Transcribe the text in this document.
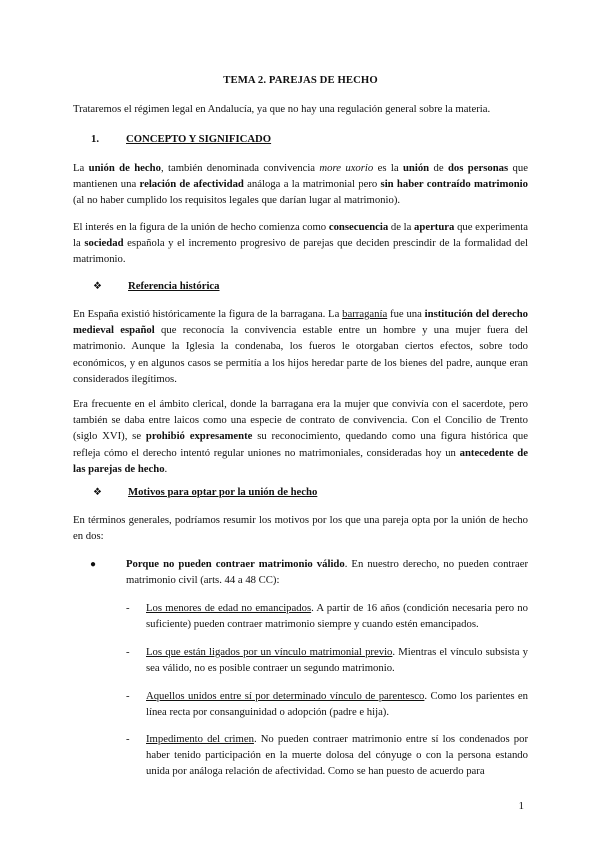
TEMA 2. PAREJAS DE HECHO
Trataremos el régimen legal en Andalucía, ya que no hay una regulación general sobre la materia.
1.	CONCEPTO Y SIGNIFICADO
La unión de hecho, también denominada convivencia more uxorio es la unión de dos personas que mantienen una relación de afectividad análoga a la matrimonial pero sin haber contraído matrimonio (al no haber cumplido los requisitos legales que darían lugar al matrimonio).
El interés en la figura de la unión de hecho comienza como consecuencia de la apertura que experimenta la sociedad española y el incremento progresivo de parejas que deciden prescindir de la formalidad del matrimonio.
❖	Referencia histórica
En España existió históricamente la figura de la barragana. La barraganía fue una institución del derecho medieval español que reconocía la convivencia estable entre un hombre y una mujer fuera del matrimonio. Aunque la Iglesia la condenaba, los fueros le otorgaban ciertos efectos, sobre todo económicos, y en algunos casos se permitía a los hijos heredar parte de los bienes del padre, aunque eran considerados ilegítimos.
Era frecuente en el ámbito clerical, donde la barragana era la mujer que convivía con el sacerdote, pero también se daba entre laicos como una especie de contrato de convivencia. Con el Concilio de Trento (siglo XVI), se prohibió expresamente su reconocimiento, quedando como una figura histórica que refleja cómo el derecho intentó regular uniones no matrimoniales, consideradas hoy un antecedente de las parejas de hecho.
❖	Motivos para optar por la unión de hecho
En términos generales, podríamos resumir los motivos por los que una pareja opta por la unión de hecho en dos:
●	Porque no pueden contraer matrimonio válido. En nuestro derecho, no pueden contraer matrimonio civil (arts. 44 a 48 CC):
-	Los menores de edad no emancipados. A partir de 16 años (condición necesaria pero no suficiente) pueden contraer matrimonio siempre y cuando estén emancipados.
-	Los que están ligados por un vínculo matrimonial previo. Mientras el vínculo subsista y sea válido, no es posible contraer un segundo matrimonio.
-	Aquellos unidos entre sí por determinado vínculo de parentesco. Como los parientes en línea recta por consanguinidad o adopción (padre e hija).
-	Impedimento del crimen. No pueden contraer matrimonio entre sí los condenados por haber tenido participación en la muerte dolosa del cónyuge o con la persona estando unida por análoga relación de afectividad. Como se han puesto de acuerdo para
1
